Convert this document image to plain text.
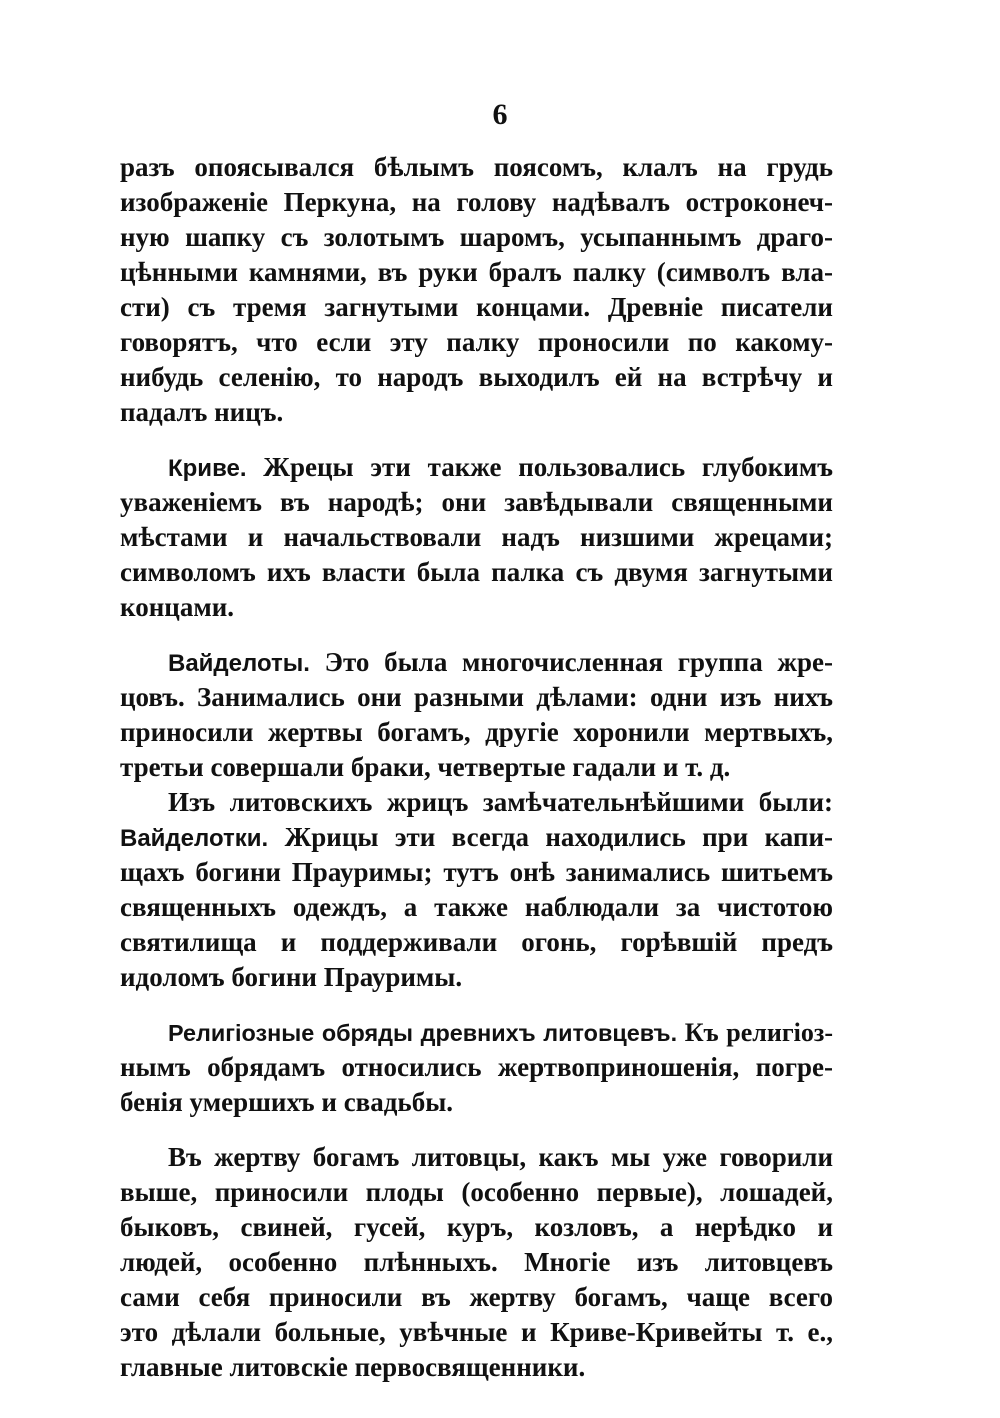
6
разъ опоясывался бѣлымъ поясомъ, клалъ на грудь
изображенiе Перкуна, на голову надѣвалъ остроконеч-
ную шапку съ золотымъ шаромъ, усыпаннымъ драго-
цѣнными камнями, въ руки бралъ палку (символъ вла-
сти) съ тремя загнутыми концами. Древнiе писатели
говорятъ, что если эту палку проносили по какому-
нибудь селенiю, то народъ выходилъ ей на встрѣчу и
падалъ ницъ.
Криве. Жрецы эти также пользовались глубокимъ
уваженiемъ въ народѣ; они завѣдывали священными
мѣстами и начальствовали надъ низшими жрецами;
символомъ ихъ власти была палка съ двумя загнутыми
концами.
Вайделоты. Это была многочисленная группа жре-
цовъ. Занимались они разными дѣлами: одни изъ нихъ
приносили жертвы богамъ, другiе хоронили мертвыхъ,
третьи совершали браки, четвертые гадали и т. д.
Изъ литовскихъ жрицъ замѣчательнѣйшими были:
Вайделотки. Жрицы эти всегда находились при капи-
щахъ богини Прауримы; тутъ онѣ занимались шитьемъ
священныхъ одеждъ, а также наблюдали за чистотою
святилища и поддерживали огонь, горѣвшiй предъ
идоломъ богини Прауримы.
Религiозные обряды древнихъ литовцевъ. Къ религiоз-
нымъ обрядамъ относились жертвоприношенiя, погре-
бенiя умершихъ и свадьбы.
Въ жертву богамъ литовцы, какъ мы уже говорили
выше, приносили плоды (особенно первые), лошадей,
быковъ, свиней, гусей, куръ, козловъ, а нерѣдко и
людей, особенно плѣнныхъ. Многiе изъ литовцевъ
сами себя приносили въ жертву богамъ, чаще всего
это дѣлали больные, увѣчные и Криве-Кривейты т. е.,
главные литовскiе первосвященники.
